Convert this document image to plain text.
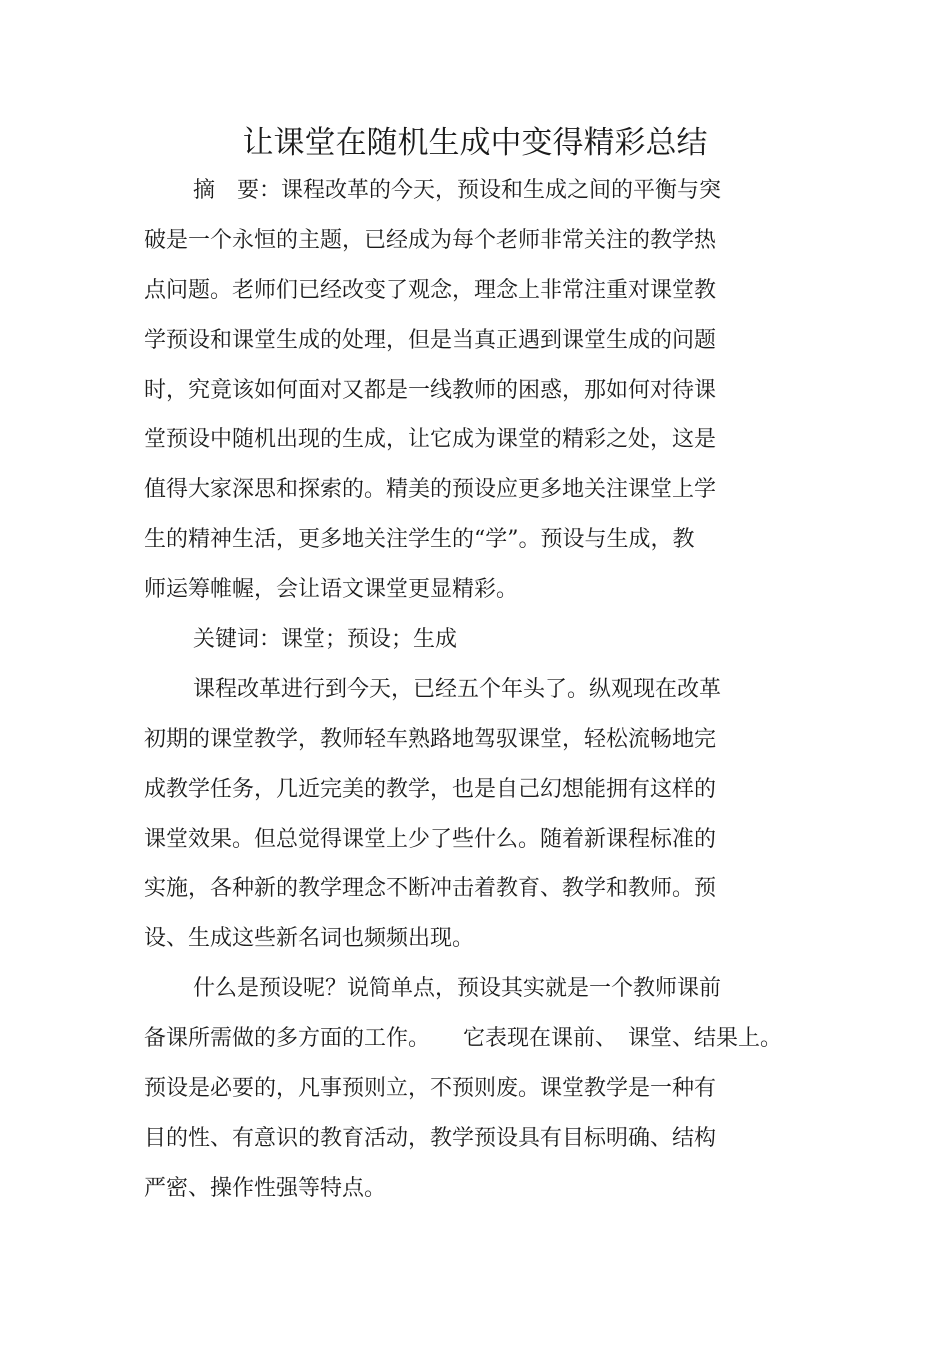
让课堂在随机生成中变得精彩总结
摘　要：课程改革的今天，预设和生成之间的平衡与突
破是一个永恒的主题，已经成为每个老师非常关注的教学热
点问题。老师们已经改变了观念，理念上非常注重对课堂教
学预设和课堂生成的处理，但是当真正遇到课堂生成的问题
时，究竟该如何面对又都是一线教师的困惑，那如何对待课
堂预设中随机出现的生成，让它成为课堂的精彩之处，这是
值得大家深思和探索的。精美的预设应更多地关注课堂上学
生的精神生活，更多地关注学生的“学”。预设与生成，教
师运筹帷幄，会让语文课堂更显精彩。
关键词：课堂；预设；生成
课程改革进行到今天，已经五个年头了。纵观现在改革
初期的课堂教学，教师轻车熟路地驾驭课堂，轻松流畅地完
成教学任务，几近完美的教学，也是自己幻想能拥有这样的
课堂效果。但总觉得课堂上少了些什么。随着新课程标准的
实施，各种新的教学理念不断冲击着教育、教学和教师。预
设、生成这些新名词也频频出现。
什么是预设呢？说简单点，预设其实就是一个教师课前
备课所需做的多方面的工作。　　它表现在课前、　课堂、结果上。
预设是必要的，凡事预则立，不预则废。课堂教学是一种有
目的性、有意识的教育活动，教学预设具有目标明确、结构
严密、操作性强等特点。
